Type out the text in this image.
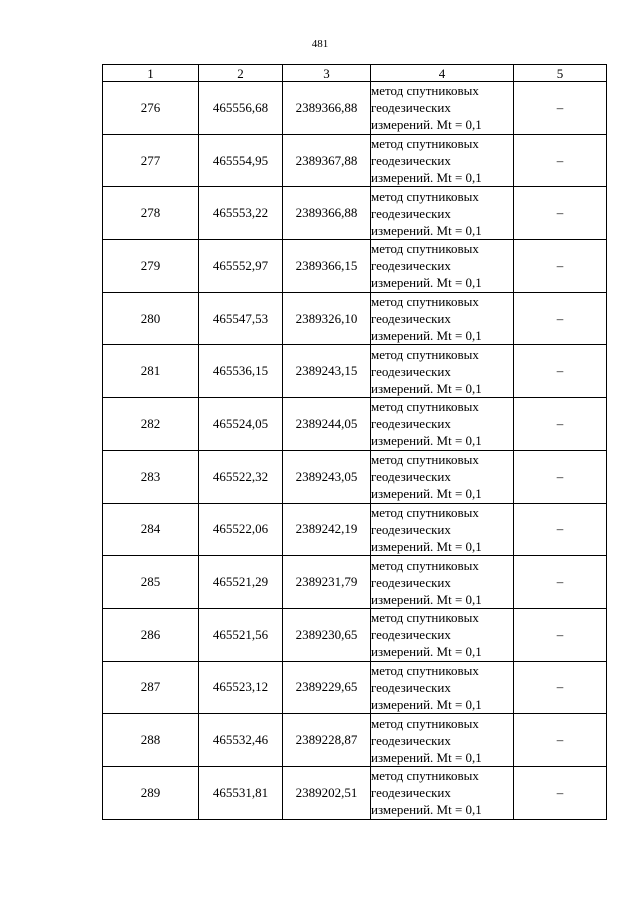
481
1	2	3	4	5
276	465556,68	2389366,88	метод спутниковых
геодезических
измерений. Mt = 0,1	–
277	465554,95	2389367,88	метод спутниковых
геодезических
измерений. Mt = 0,1	–
278	465553,22	2389366,88	метод спутниковых
геодезических
измерений. Mt = 0,1	–
279	465552,97	2389366,15	метод спутниковых
геодезических
измерений. Mt = 0,1	–
280	465547,53	2389326,10	метод спутниковых
геодезических
измерений. Mt = 0,1	–
281	465536,15	2389243,15	метод спутниковых
геодезических
измерений. Mt = 0,1	–
282	465524,05	2389244,05	метод спутниковых
геодезических
измерений. Mt = 0,1	–
283	465522,32	2389243,05	метод спутниковых
геодезических
измерений. Mt = 0,1	–
284	465522,06	2389242,19	метод спутниковых
геодезических
измерений. Mt = 0,1	–
285	465521,29	2389231,79	метод спутниковых
геодезических
измерений. Mt = 0,1	–
286	465521,56	2389230,65	метод спутниковых
геодезических
измерений. Mt = 0,1	–
287	465523,12	2389229,65	метод спутниковых
геодезических
измерений. Mt = 0,1	–
288	465532,46	2389228,87	метод спутниковых
геодезических
измерений. Mt = 0,1	–
289	465531,81	2389202,51	метод спутниковых
геодезических
измерений. Mt = 0,1	–
